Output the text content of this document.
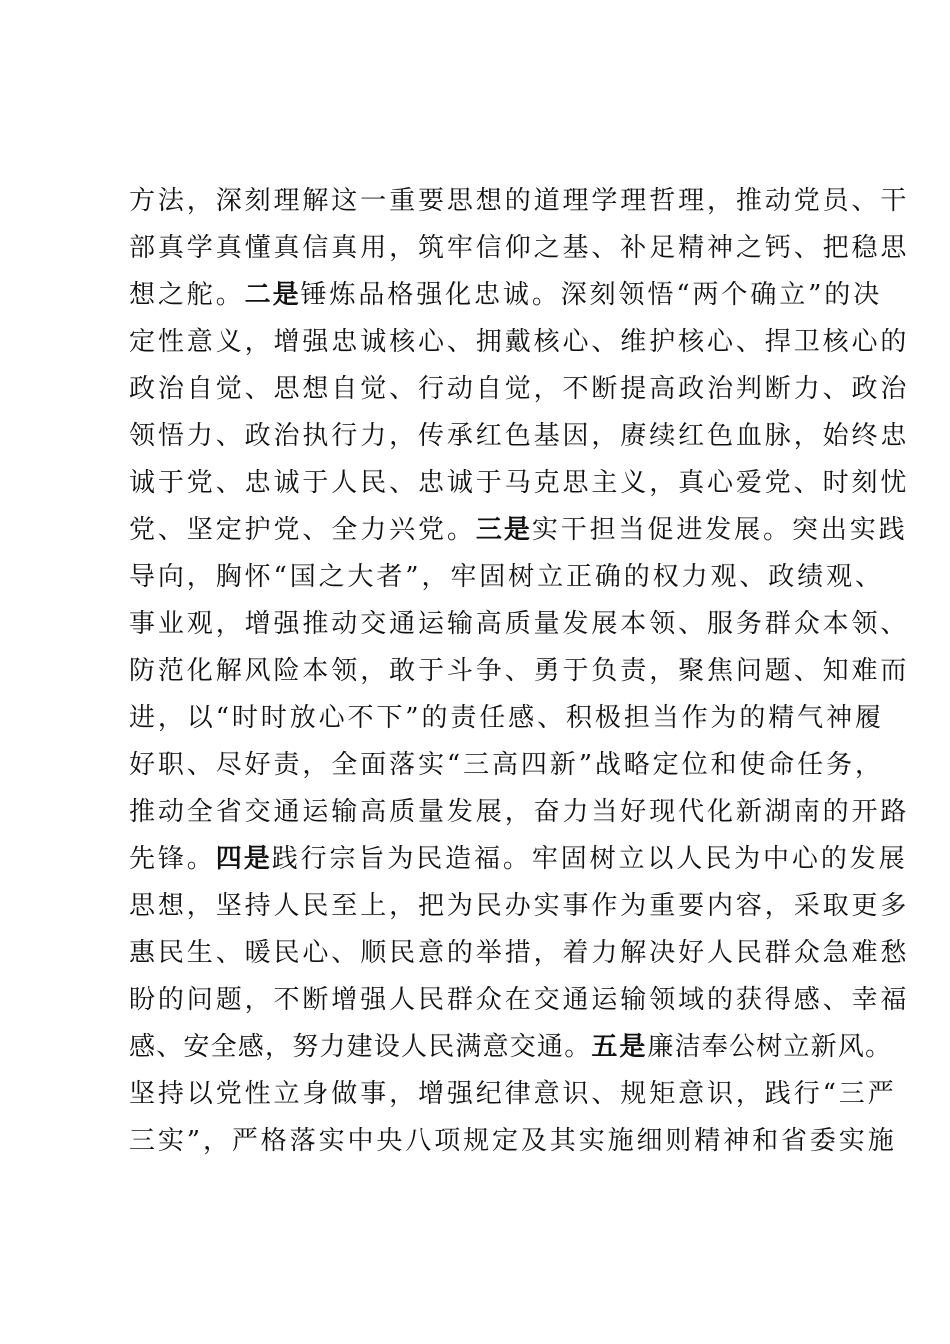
方法，深刻理解这一重要思想的道理学理哲理，推动党员、干
部真学真懂真信真用，筑牢信仰之基、补足精神之钙、把稳思
想之舵。二是锤炼品格强化忠诚。深刻领悟“两个确立”的决
定性意义，增强忠诚核心、拥戴核心、维护核心、捍卫核心的
政治自觉、思想自觉、行动自觉，不断提高政治判断力、政治
领悟力、政治执行力，传承红色基因，赓续红色血脉，始终忠
诚于党、忠诚于人民、忠诚于马克思主义，真心爱党、时刻忧
党、坚定护党、全力兴党。三是实干担当促进发展。突出实践
导向，胸怀“国之大者”，牢固树立正确的权力观、政绩观、
事业观，增强推动交通运输高质量发展本领、服务群众本领、
防范化解风险本领，敢于斗争、勇于负责，聚焦问题、知难而
进，以“时时放心不下”的责任感、积极担当作为的精气神履
好职、尽好责，全面落实“三高四新”战略定位和使命任务，
推动全省交通运输高质量发展，奋力当好现代化新湖南的开路
先锋。四是践行宗旨为民造福。牢固树立以人民为中心的发展
思想，坚持人民至上，把为民办实事作为重要内容，采取更多
惠民生、暖民心、顺民意的举措，着力解决好人民群众急难愁
盼的问题，不断增强人民群众在交通运输领域的获得感、幸福
感、安全感，努力建设人民满意交通。五是廉洁奉公树立新风。
坚持以党性立身做事，增强纪律意识、规矩意识，践行“三严
三实”，严格落实中央八项规定及其实施细则精神和省委实施
